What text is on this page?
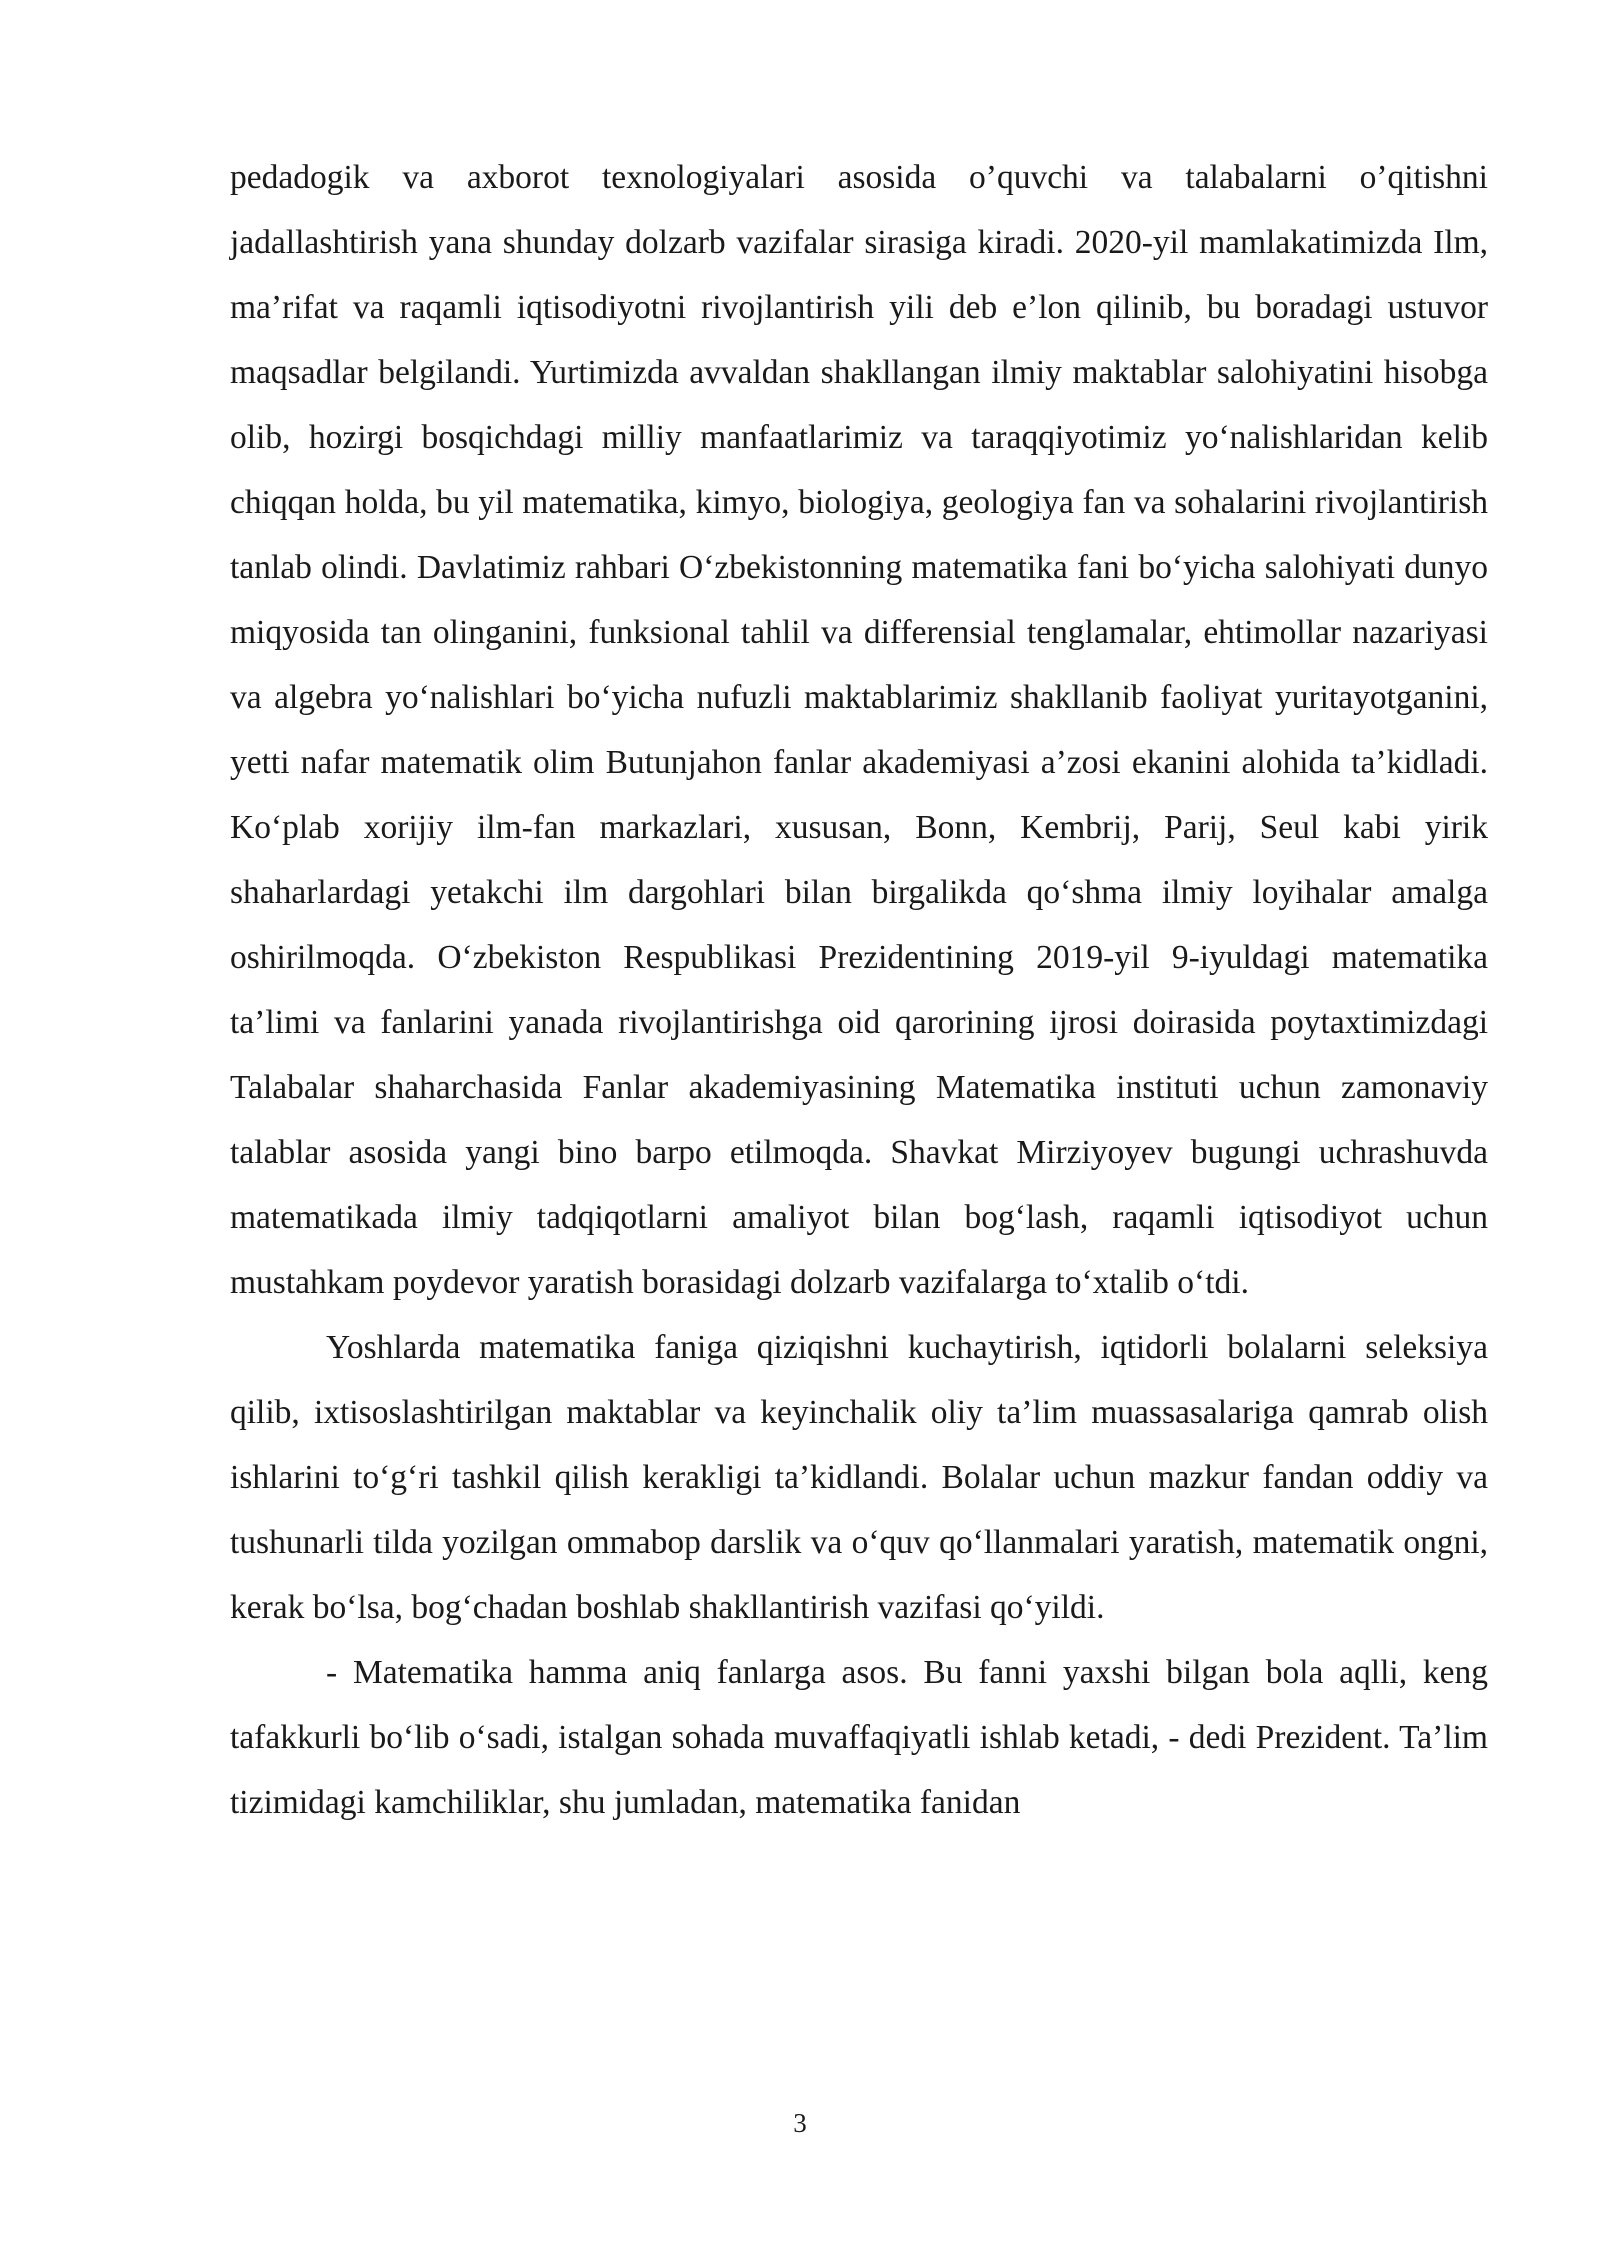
pedadogik va axborot texnologiyalari asosida o’quvchi va talabalarni o’qitishni jadallashtirish yana shunday dolzarb vazifalar sirasiga kiradi. 2020-yil mamlakatimizda Ilm, ma’rifat va raqamli iqtisodiyotni rivojlantirish yili deb e’lon qilinib, bu boradagi ustuvor maqsadlar belgilandi. Yurtimizda avvaldan shakllangan ilmiy maktablar salohiyatini hisobga olib, hozirgi bosqichdagi milliy manfaatlarimiz va taraqqiyotimiz yo‘nalishlaridan kelib chiqqan holda, bu yil matematika, kimyo, biologiya, geologiya fan va sohalarini rivojlantirish tanlab olindi. Davlatimiz rahbari O‘zbekistonning matematika fani bo‘yicha salohiyati dunyo miqyosida tan olinganini, funksional tahlil va differensial tenglamalar, ehtimollar nazariyasi va algebra yo‘nalishlari bo‘yicha nufuzli maktablarimiz shakllanib faoliyat yuritayotganini, yetti nafar matematik olim Butunjahon fanlar akademiyasi a’zosi ekanini alohida ta’kidladi. Ko‘plab xorijiy ilm-fan markazlari, xususan, Bonn, Kembrij, Parij, Seul kabi yirik shaharlardagi yetakchi ilm dargohlari bilan birgalikda qo‘shma ilmiy loyihalar amalga oshirilmoqda. O‘zbekiston Respublikasi Prezidentining 2019-yil 9-iyuldagi matematika ta’limi va fanlarini yanada rivojlantirishga oid qarorining ijrosi doirasida poytaxtimizdagi Talabalar shaharchasida Fanlar akademiyasining Matematika instituti uchun zamonaviy talablar asosida yangi bino barpo etilmoqda. Shavkat Mirziyoyev bugungi uchrashuvda matematikada ilmiy tadqiqotlarni amaliyot bilan bog‘lash, raqamli iqtisodiyot uchun mustahkam poydevor yaratish borasidagi dolzarb vazifalarga to‘xtalib o‘tdi.

Yoshlarda matematika faniga qiziqishni kuchaytirish, iqtidorli bolalarni seleksiya qilib, ixtisoslashtirilgan maktablar va keyinchalik oliy ta’lim muassasalariga qamrab olish ishlarini to‘g‘ri tashkil qilish kerakligi ta’kidlandi. Bolalar uchun mazkur fandan oddiy va tushunarli tilda yozilgan ommabop darslik va o‘quv qo‘llanmalari yaratish, matematik ongni, kerak bo‘lsa, bog‘chadan boshlab shakllantirish vazifasi qo‘yildi.

- Matematika hamma aniq fanlarga asos. Bu fanni yaxshi bilgan bola aqlli, keng tafakkurli bo‘lib o‘sadi, istalgan sohada muvaffaqiyatli ishlab ketadi, - dedi Prezident. Ta’lim tizimidagi kamchiliklar, shu jumladan, matematika fanidan

3
